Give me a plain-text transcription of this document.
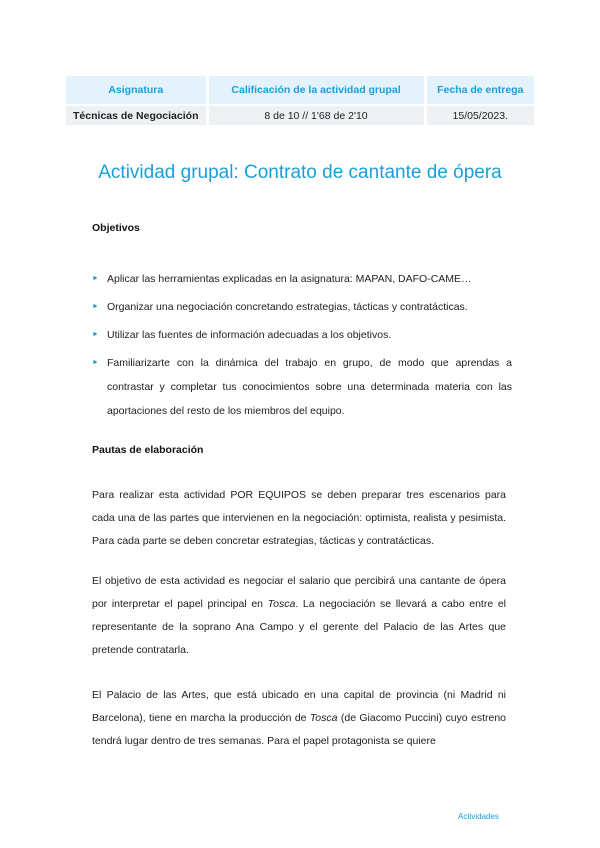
Asignatura	Calificación de la actividad grupal	Fecha de entrega
Técnicas de Negociación	8 de 10 // 1'68 de 2'10	15/05/2023.
Actividad grupal: Contrato de cantante de ópera
Objetivos
► Aplicar las herramientas explicadas en la asignatura: MAPAN, DAFO-CAME…
► Organizar una negociación concretando estrategias, tácticas y contratácticas.
► Utilizar las fuentes de información adecuadas a los objetivos.
► Familiarizarte con la dinámica del trabajo en grupo, de modo que aprendas a contrastar y completar tus conocimientos sobre una determinada materia con las aportaciones del resto de los miembros del equipo.
Pautas de elaboración

Para realizar esta actividad POR EQUIPOS se deben preparar tres escenarios para cada una de las partes que intervienen en la negociación: optimista, realista y pesimista. Para cada parte se deben concretar estrategias, tácticas y contratácticas.

El objetivo de esta actividad es negociar el salario que percibirá una cantante de ópera por interpretar el papel principal en Tosca. La negociación se llevará a cabo entre el representante de la soprano Ana Campo y el gerente del Palacio de las Artes que pretende contratarla.

El Palacio de las Artes, que está ubicado en una capital de provincia (ni Madrid ni Barcelona), tiene en marcha la producción de Tosca (de Giacomo Puccini) cuyo estreno tendrá lugar dentro de tres semanas. Para el papel protagonista se quiere

Actividades
